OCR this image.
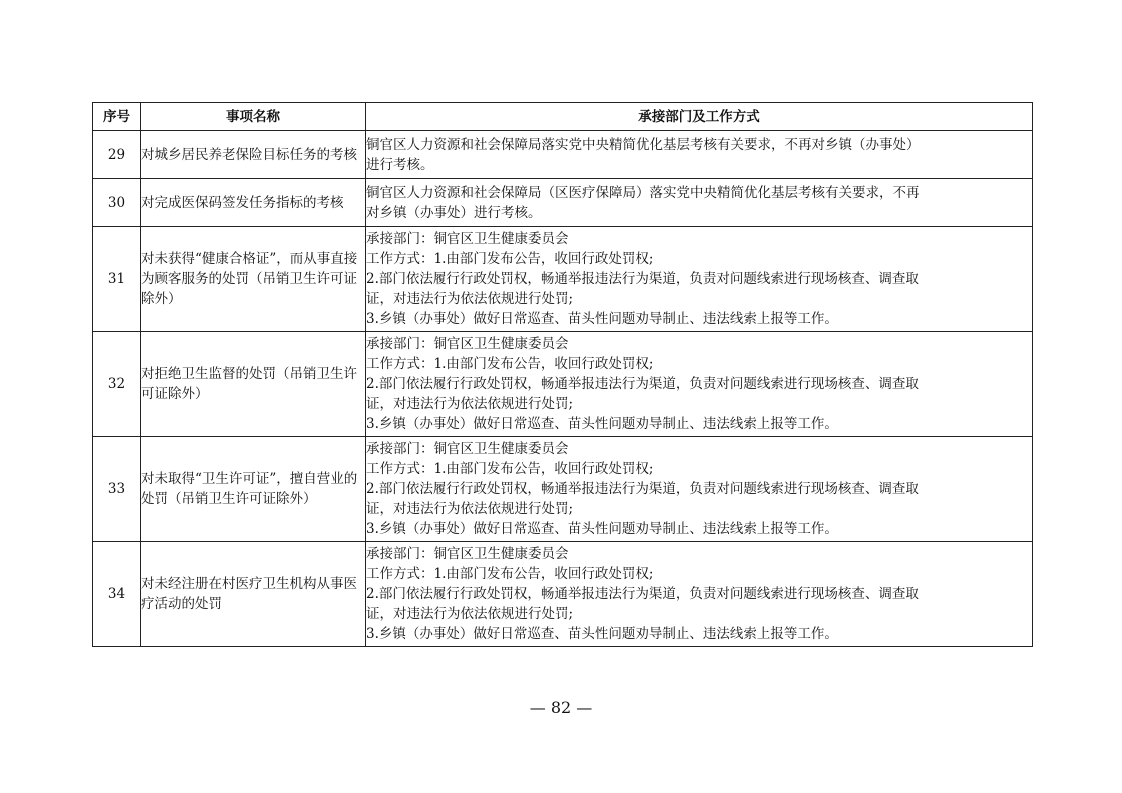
序号	事项名称	承接部门及工作方式
29	对城乡居民养老保险目标任务的考核	铜官区人力资源和社会保障局落实党中央精简优化基层考核有关要求，不再对乡镇（办事处）
进行考核。

30	对完成医保码签发任务指标的考核	铜官区人力资源和社会保障局（区医疗保障局）落实党中央精简优化基层考核有关要求，不再
对乡镇（办事处）进行考核。

31	对未获得“健康合格证”，而从事直接为顾客服务的处罚（吊销卫生许可证除外）	承接部门：铜官区卫生健康委员会
工作方式：1.由部门发布公告，收回行政处罚权;
2.部门依法履行行政处罚权，畅通举报违法行为渠道，负责对问题线索进行现场核查、调查取
证，对违法行为依法依规进行处罚;
3.乡镇（办事处）做好日常巡查、苗头性问题劝导制止、违法线索上报等工作。

32	对拒绝卫生监督的处罚（吊销卫生许可证除外）	承接部门：铜官区卫生健康委员会
工作方式：1.由部门发布公告，收回行政处罚权;
2.部门依法履行行政处罚权，畅通举报违法行为渠道，负责对问题线索进行现场核查、调查取
证，对违法行为依法依规进行处罚;
3.乡镇（办事处）做好日常巡查、苗头性问题劝导制止、违法线索上报等工作。

33	对未取得“卫生许可证”，擅自营业的处罚（吊销卫生许可证除外）	承接部门：铜官区卫生健康委员会
工作方式：1.由部门发布公告，收回行政处罚权;
2.部门依法履行行政处罚权，畅通举报违法行为渠道，负责对问题线索进行现场核查、调查取
证，对违法行为依法依规进行处罚;
3.乡镇（办事处）做好日常巡查、苗头性问题劝导制止、违法线索上报等工作。

34	对未经注册在村医疗卫生机构从事医疗活动的处罚	承接部门：铜官区卫生健康委员会
工作方式：1.由部门发布公告，收回行政处罚权;
2.部门依法履行行政处罚权，畅通举报违法行为渠道，负责对问题线索进行现场核查、调查取
证，对违法行为依法依规进行处罚;
3.乡镇（办事处）做好日常巡查、苗头性问题劝导制止、违法线索上报等工作。
— 82 —
